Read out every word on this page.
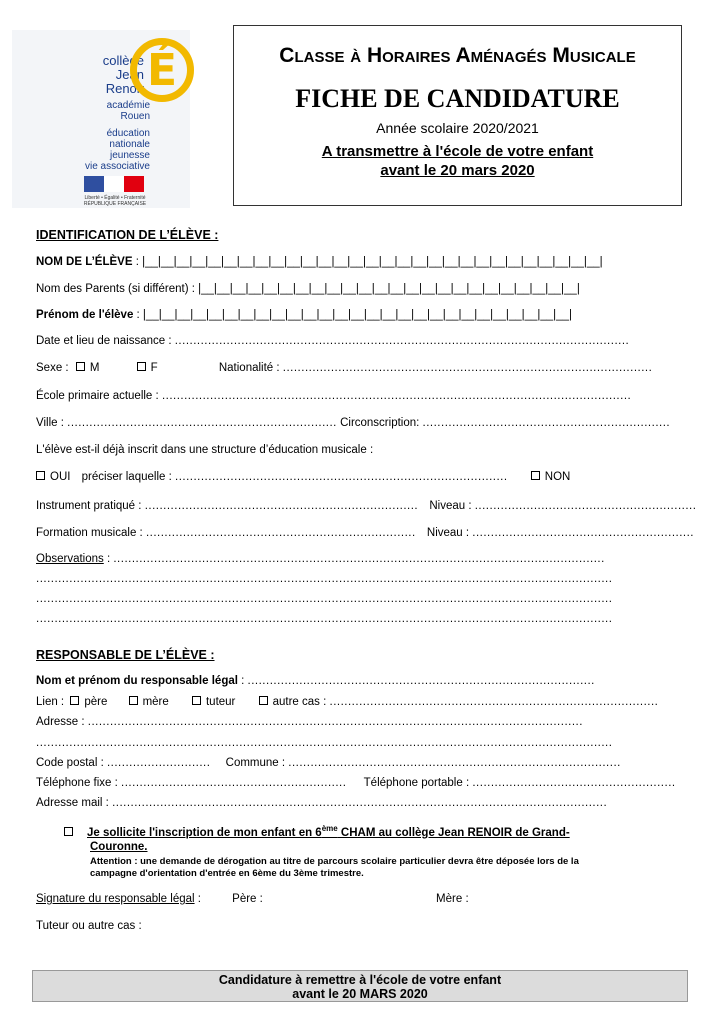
collège
Jean Renoir É
académie
Rouen
éducation
nationale
jeunesse
vie associative
Liberté • Égalité • Fraternité RÉPUBLIQUE FRANÇAISE
Classe à Horaires Aménagés Musicale
FICHE DE CANDIDATURE
Année scolaire 2020/2021
A transmettre à l'école de votre enfant
avant le 20 mars 2020
IDENTIFICATION DE L’ÉLÈVE :
NOM DE L’ÉLÈVE : |__|__|__|__|__|__|__|__|__|__|__|__|__|__|__|__|__|__|__|__|__|__|__|__|__|__|__|__|__|
Nom des Parents (si différent) : |__|__|__|__|__|__|__|__|__|__|__|__|__|__|__|__|__|__|__|__|__|__|__|__|
Prénom de l'élève : |__|__|__|__|__|__|__|__|__|__|__|__|__|__|__|__|__|__|__|__|__|__|__|__|__|__|__|
Date et lieu de naissance : ...........................................................................................................................
Sexe : M	F	Nationalité : ....................................................................................................
École primaire actuelle : ...............................................................................................................................
Ville : ......................................................................... Circonscription: ...................................................................
L'élève est-il déjà inscrit dans une structure d’éducation musicale :
OUI préciser laquelle : ..........................................................................................	NON
Instrument pratiqué : .......................................................................... Niveau : ............................................................
Formation musicale : ......................................................................... Niveau : ............................................................
Observations : .....................................................................................................................................
............................................................................................................................................................
............................................................................................................................................................
............................................................................................................................................................
RESPONSABLE DE L’ÉLÈVE :
Nom et prénom du responsable légal : ..............................................................................................
Lien : père	mère	tuteur	autre cas : .........................................................................................
Adresse : ......................................................................................................................................
............................................................................................................................................................
Code postal : ............................ Commune : ..........................................................................................
Téléphone fixe : ............................................................. Téléphone portable : .......................................................
Adresse mail : ......................................................................................................................................
Je sollicite l'inscription de mon enfant en 6ème CHAM au collège Jean RENOIR de Grand-
Couronne.
Attention : une demande de dérogation au titre de parcours scolaire particulier devra être déposée lors de la
campagne d'orientation d'entrée en 6ème du 3ème trimestre.
Signature du responsable légal :	Père :	Mère :
Tuteur ou autre cas :
Candidature à remettre à l'école de votre enfant
avant le 20 MARS 2020
